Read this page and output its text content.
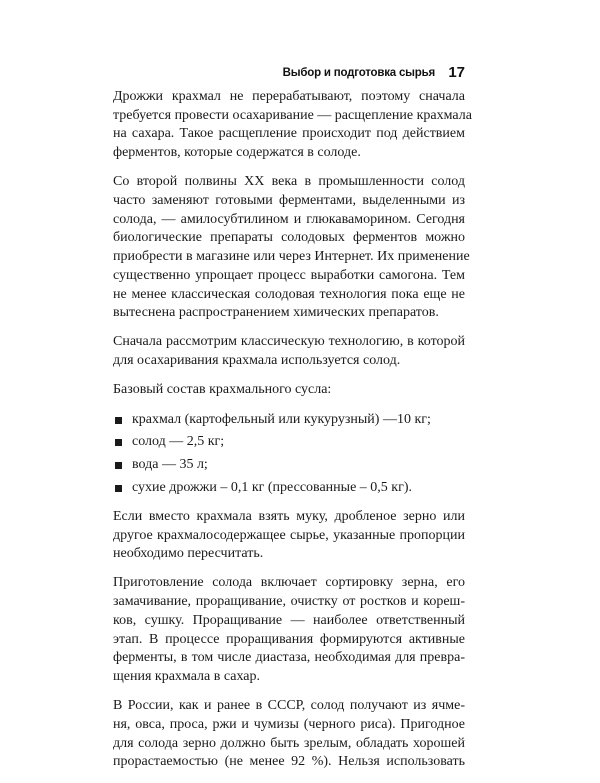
Выбор и подготовка сырья 17

Дрожжи крахмал не перерабатывают, поэтому сначала
требуется провести осахаривание — расщепление крахмала
на сахара. Такое расщепление происходит под действием
ферментов, которые содержатся в солоде.

Со второй полвины XX века в промышленности солод
часто заменяют готовыми ферментами, выделенными из
солода, — амилосубтилином и глюкаваморином. Сегодня
биологические препараты солодовых ферментов можно
приобрести в магазине или через Интернет. Их применение
существенно упрощает процесс выработки самогона. Тем
не менее классическая солодовая технология пока еще не
вытеснена распространением химических препаратов.

Сначала рассмотрим классическую технологию, в которой
для осахаривания крахмала используется солод.

Базовый состав крахмального сусла:

крахмал (картофельный или кукурузный) —10 кг;
солод — 2,5 кг;
вода — 35 л;
сухие дрожжи – 0,1 кг (прессованные – 0,5 кг).

Если вместо крахмала взять муку, дробленое зерно или
другое крахмалосодержащее сырье, указанные пропорции
необходимо пересчитать.

Приготовление солода включает сортировку зерна, его
замачивание, проращивание, очистку от ростков и кореш-
ков, сушку. Проращивание — наиболее ответственный
этап. В процессе проращивания формируются активные
ферменты, в том числе диастаза, необходимая для превра-
щения крахмала в сахар.

В России, как и ранее в СССР, солод получают из ячме-
ня, овса, проса, ржи и чумизы (черного риса). Пригодное
для солода зерно должно быть зрелым, обладать хорошей
прорастаемостью (не менее 92 %). Нельзя использовать
